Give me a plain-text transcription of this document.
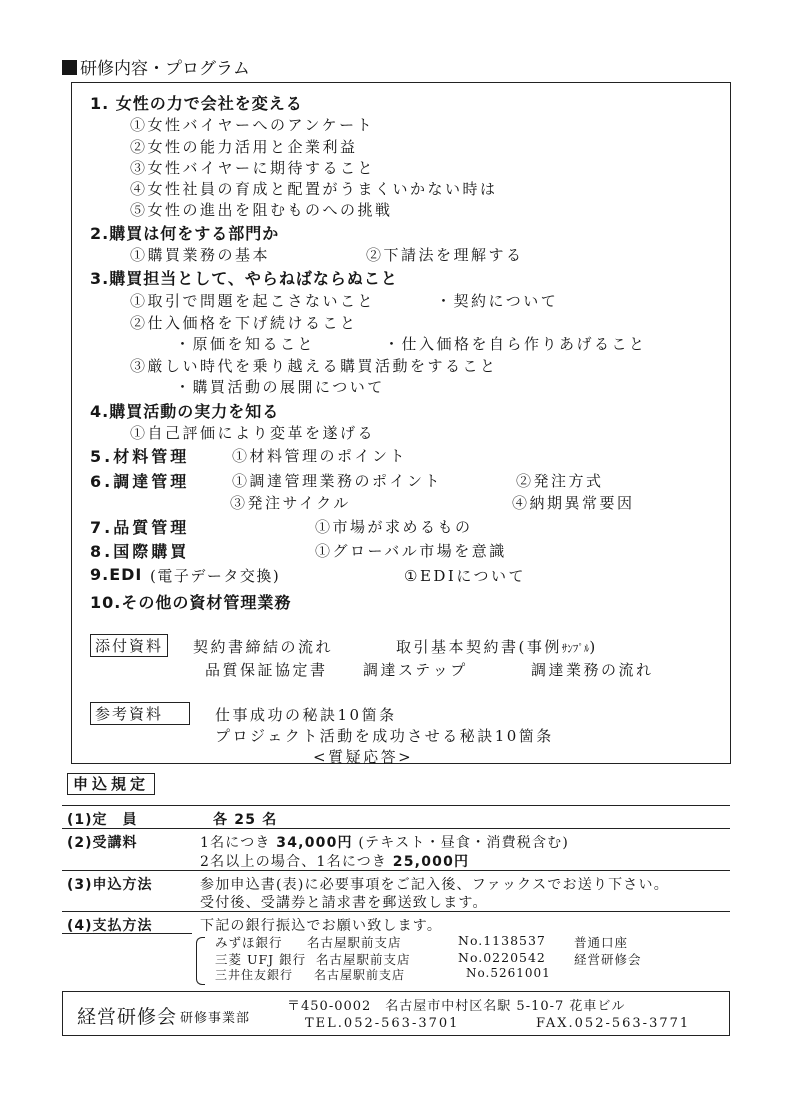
研修内容・プログラム
1. 女性の力で会社を変える
①女性バイヤーへのアンケート
②女性の能力活用と企業利益
③女性バイヤーに期待すること
④女性社員の育成と配置がうまくいかない時は
⑤女性の進出を阻むものへの挑戦
2.購買は何をする部門か
①購買業務の基本	②下請法を理解する
3.購買担当として、やらねばならぬこと
①取引で問題を起こさないこと	・契約について
②仕入価格を下げ続けること
・原価を知ること	・仕入価格を自ら作りあげること
③厳しい時代を乗り越える購買活動をすること
・購買活動の展開について
4.購買活動の実力を知る
①自己評価により変革を遂げる
5.材料管理	①材料管理のポイント
6.調達管理	①調達管理業務のポイント	②発注方式
③発注サイクル	④納期異常要因
7.品質管理	①市場が求めるもの
8.国際購買	①グローバル市場を意識
9.EDI (電子データ交換)	①EDIについて
10.その他の資材管理業務
添付資料	契約書締結の流れ	取引基本契約書(事例ｻﾝﾌﾟﾙ)
品質保証協定書 調達ステップ	調達業務の流れ
参考資料	仕事成功の秘訣10箇条
プロジェクト活動を成功させる秘訣10箇条
<質疑応答>
申込規定
(1)定　員	各 25 名
(2)受講料	1名につき 34,000円 (テキスト・昼食・消費税含む)
2名以上の場合、1名につき 25,000円
(3)申込方法	参加申込書(表)に必要事項をご記入後、ファックスでお送り下さい。
受付後、受講券と請求書を郵送致します。
(4)支払方法	下記の銀行振込でお願い致します。
みずほ銀行 名古屋駅前支店	No.1138537 普通口座
三菱 UFJ 銀行 名古屋駅前支店	No.0220542 経営研修会
三井住友銀行 名古屋駅前支店	No.5261001
経営研修会 研修事業部
〒450-0002　名古屋市中村区名駅 5-10-7 花車ビル
TEL.052-563-3701	FAX.052-563-3771
